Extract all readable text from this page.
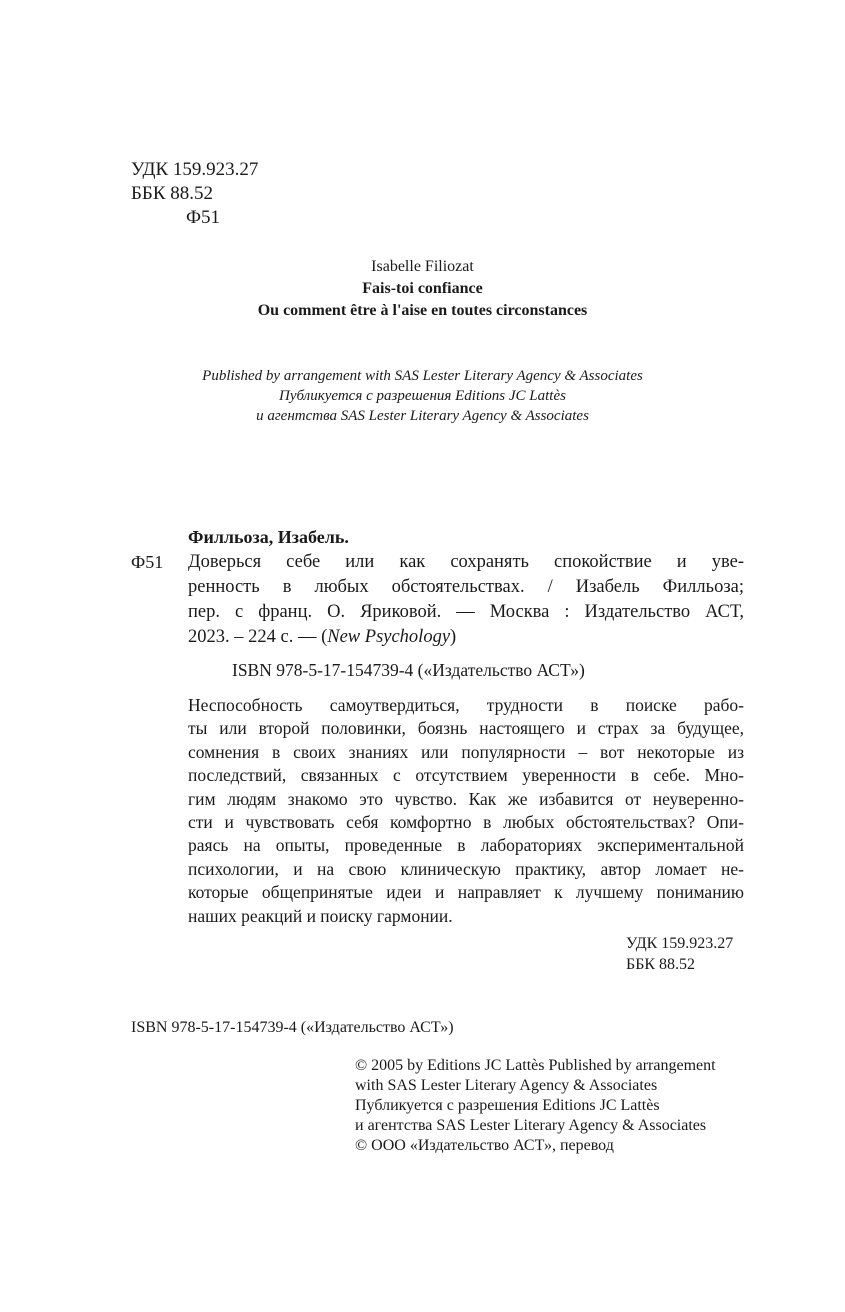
УДК 159.923.27
ББК 88.52
Ф51
Isabelle Filiozat
Fais-toi confiance
Ou comment être à l'aise en toutes circonstances
Published by arrangement with SAS Lester Literary Agency & Associates
Публикуется с разрешения Editions JC Lattès
и агентства SAS Lester Literary Agency & Associates
Филльоза, Изабель.
Ф51 Доверься себе или как сохранять спокойствие и уве-
ренность в любых обстоятельствах. / Изабель Филльоза;
пер. с франц. О. Яриковой. — Москва : Издательство АСТ,
2023. – 224 с. — (New Psychology)
ISBN 978-5-17-154739-4 («Издательство АСТ»)
Неспособность самоутвердиться, трудности в поиске рабо-
ты или второй половинки, боязнь настоящего и страх за будущее,
сомнения в своих знаниях или популярности – вот некоторые из
последствий, связанных с отсутствием уверенности в себе. Мно-
гим людям знакомо это чувство. Как же избавится от неуверенно-
сти и чувствовать себя комфортно в любых обстоятельствах? Опи-
раясь на опыты, проведенные в лабораториях экспериментальной
психологии, и на свою клиническую практику, автор ломает не-
которые общепринятые идеи и направляет к лучшему пониманию
наших реакций и поиску гармонии.
УДК 159.923.27
ББК 88.52
ISBN 978-5-17-154739-4 («Издательство АСТ»)
© 2005 by Editions JC Lattès Published by arrangement
with SAS Lester Literary Agency & Associates
Публикуется с разрешения Editions JC Lattès
и агентства SAS Lester Literary Agency & Associates
© ООО «Издательство АСТ», перевод
